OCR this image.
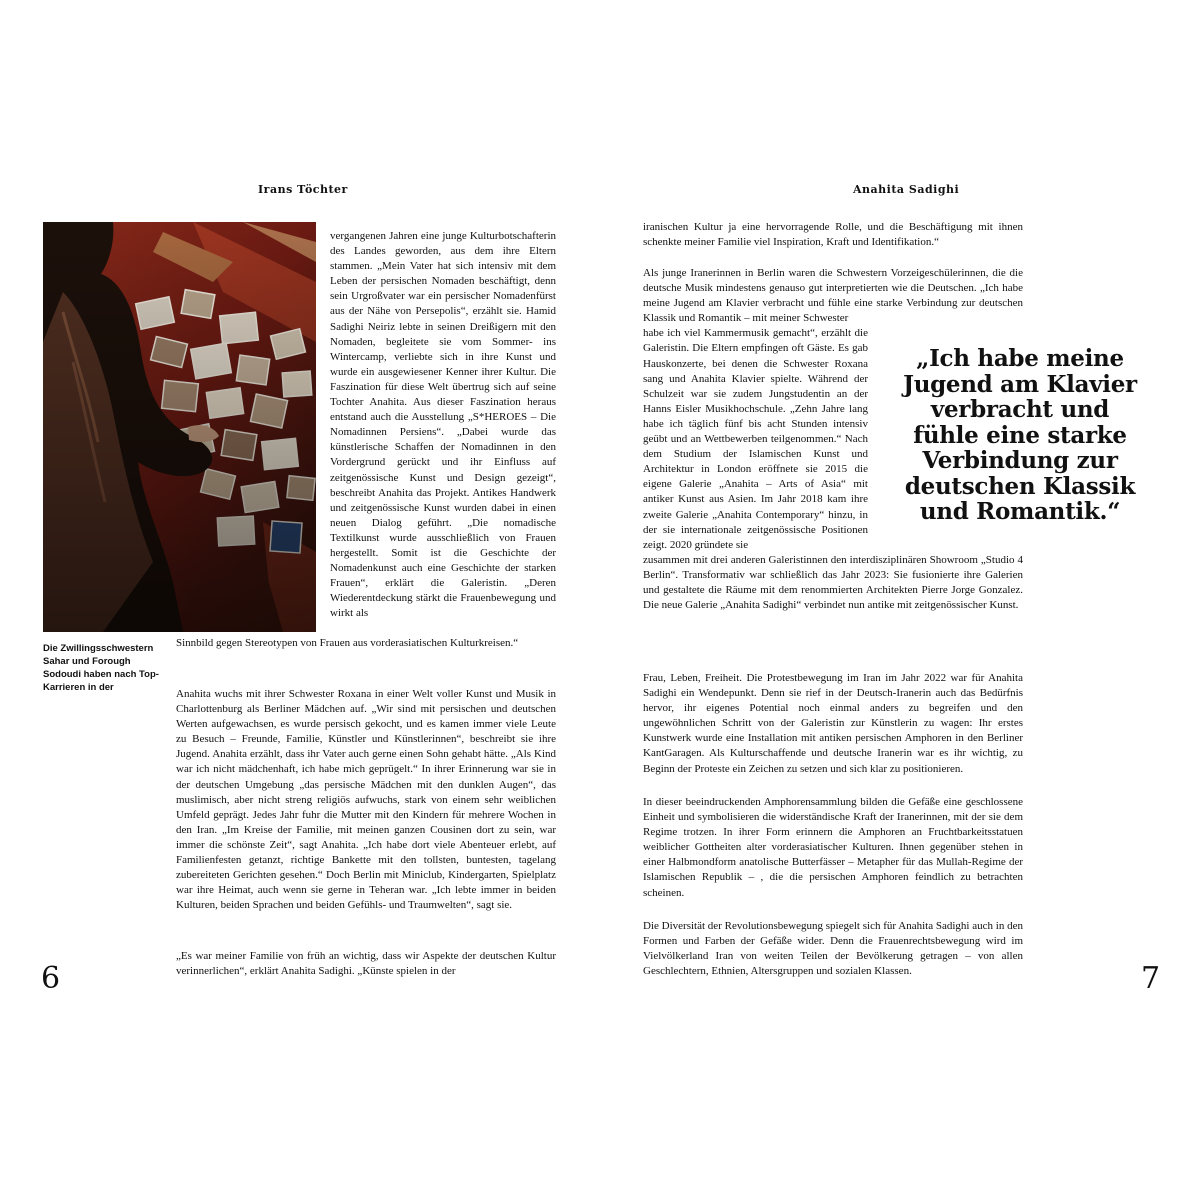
Irans Töchter
Die Zwillingsschwestern Sahar und Forough Sodoudi haben nach Top-Karrieren in der
vergangenen Jahren eine junge Kulturbotschafterin des Landes geworden, aus dem ihre Eltern stammen. „Mein Vater hat sich intensiv mit dem Leben der persischen Nomaden beschäftigt, denn sein Urgroßvater war ein persischer Nomadenfürst aus der Nähe von Persepolis“, erzählt sie. Hamid Sadighi Neiriz lebte in seinen Dreißigern mit den Nomaden, begleitete sie vom Sommer- ins Wintercamp, verliebte sich in ihre Kunst und wurde ein ausgewiesener Kenner ihrer Kultur. Die Faszination für diese Welt übertrug sich auf seine Tochter Anahita. Aus dieser Faszination heraus entstand auch die Ausstellung „S*HEROES – Die Nomadinnen Persiens“. „Dabei wurde das künstlerische Schaffen der Nomadinnen in den Vordergrund gerückt und ihr Einfluss auf zeitgenössische Kunst und Design gezeigt“, beschreibt Anahita das Projekt. Antikes Handwerk und zeitgenössische Kunst wurden dabei in einen neuen Dialog geführt. „Die nomadische Textilkunst wurde ausschließlich von Frauen hergestellt. Somit ist die Geschichte der Nomadenkunst auch eine Geschichte der starken Frauen“, erklärt die Galeristin. „Deren Wiederentdeckung stärkt die Frauenbewegung und wirkt als
Sinnbild gegen Stereotypen von Frauen aus vorderasiatischen Kulturkreisen.“
Anahita wuchs mit ihrer Schwester Roxana in einer Welt voller Kunst und Musik in Charlottenburg als Berliner Mädchen auf. „Wir sind mit persischen und deutschen Werten aufgewachsen, es wurde persisch gekocht, und es kamen immer viele Leute zu Besuch – Freunde, Familie, Künstler und Künstlerinnen“, beschreibt sie ihre Jugend. Anahita erzählt, dass ihr Vater auch gerne einen Sohn gehabt hätte. „Als Kind war ich nicht mädchenhaft, ich habe mich geprügelt.“ In ihrer Erinnerung war sie in der deutschen Umgebung „das persische Mädchen mit den dunklen Augen“, das muslimisch, aber nicht streng religiös aufwuchs, stark von einem sehr weiblichen Umfeld geprägt. Jedes Jahr fuhr die Mutter mit den Kindern für mehrere Wochen in den Iran. „Im Kreise der Familie, mit meinen ganzen Cousinen dort zu sein, war immer die schönste Zeit“, sagt Anahita. „Ich habe dort viele Abenteuer erlebt, auf Familienfesten getanzt, richtige Bankette mit den tollsten, buntesten, tagelang zubereiteten Gerichten gesehen.“ Doch Berlin mit Miniclub, Kindergarten, Spielplatz war ihre Heimat, auch wenn sie gerne in Teheran war. „Ich lebte immer in beiden Kulturen, beiden Sprachen und beiden Gefühls- und Traumwelten“, sagt sie.
„Es war meiner Familie von früh an wichtig, dass wir Aspekte der deutschen Kultur verinnerlichen“, erklärt Anahita Sadighi. „Künste spielen in der
6
Anahita Sadighi
iranischen Kultur ja eine hervorragende Rolle, und die Beschäftigung mit ihnen schenkte meiner Familie viel Inspiration, Kraft und Identifikation.“
Als junge Iranerinnen in Berlin waren die Schwestern Vorzeigeschülerinnen, die die deutsche Musik mindestens genauso gut interpretierten wie die Deutschen. „Ich habe meine Jugend am Klavier verbracht und fühle eine starke Verbindung zur deutschen Klassik und Romantik – mit meiner Schwester
habe ich viel Kammermusik gemacht“, erzählt die Galeristin. Die Eltern empfingen oft Gäste. Es gab Hauskonzerte, bei denen die Schwester Roxana sang und Anahita Klavier spielte. Während der Schulzeit war sie zudem Jungstudentin an der Hanns Eisler Musikhochschule. „Zehn Jahre lang habe ich täglich fünf bis acht Stunden intensiv geübt und an Wettbewerben teilgenommen.“ Nach dem Studium der Islamischen Kunst und Architektur in London eröffnete sie 2015 die eigene Galerie „Anahita – Arts of Asia“ mit antiker Kunst aus Asien. Im Jahr 2018 kam ihre zweite Galerie „Anahita Contemporary“ hinzu, in der sie internationale zeitgenössische Positionen zeigt. 2020 gründete sie
zusammen mit drei anderen Galeristinnen den interdisziplinären Showroom „Studio 4 Berlin“. Transformativ war schließlich das Jahr 2023: Sie fusionierte ihre Galerien und gestaltete die Räume mit dem renommierten Architekten Pierre Jorge Gonzalez. Die neue Galerie „Anahita Sadighi“ verbindet nun antike mit zeitgenössischer Kunst.
Frau, Leben, Freiheit. Die Protestbewegung im Iran im Jahr 2022 war für Anahita Sadighi ein Wendepunkt. Denn sie rief in der Deutsch-Iranerin auch das Bedürfnis hervor, ihr eigenes Potential noch einmal anders zu begreifen und den ungewöhnlichen Schritt von der Galeristin zur Künstlerin zu wagen: Ihr erstes Kunstwerk wurde eine Installation mit antiken persischen Amphoren in den Berliner KantGaragen. Als Kulturschaffende und deutsche Iranerin war es ihr wichtig, zu Beginn der Proteste ein Zeichen zu setzen und sich klar zu positionieren.
In dieser beeindruckenden Amphorensammlung bilden die Gefäße eine geschlossene Einheit und symbolisieren die widerständische Kraft der Iranerinnen, mit der sie dem Regime trotzen. In ihrer Form erinnern die Amphoren an Fruchtbarkeitsstatuen weiblicher Gottheiten alter vorderasiatischer Kulturen. Ihnen gegenüber stehen in einer Halbmondform anatolische Butterfässer – Metapher für das Mullah-Regime der Islamischen Republik – , die die persischen Amphoren feindlich zu betrachten scheinen.
Die Diversität der Revolutionsbewegung spiegelt sich für Anahita Sadighi auch in den Formen und Farben der Gefäße wider. Denn die Frauenrechtsbewegung wird im Vielvölkerland Iran von weiten Teilen der Bevölkerung getragen – von allen Geschlechtern, Ethnien, Altersgruppen und sozialen Klassen.
„Ich habe meine Jugend am Klavier verbracht und fühle eine starke Verbindung zur deutschen Klassik und Romantik.“
7
